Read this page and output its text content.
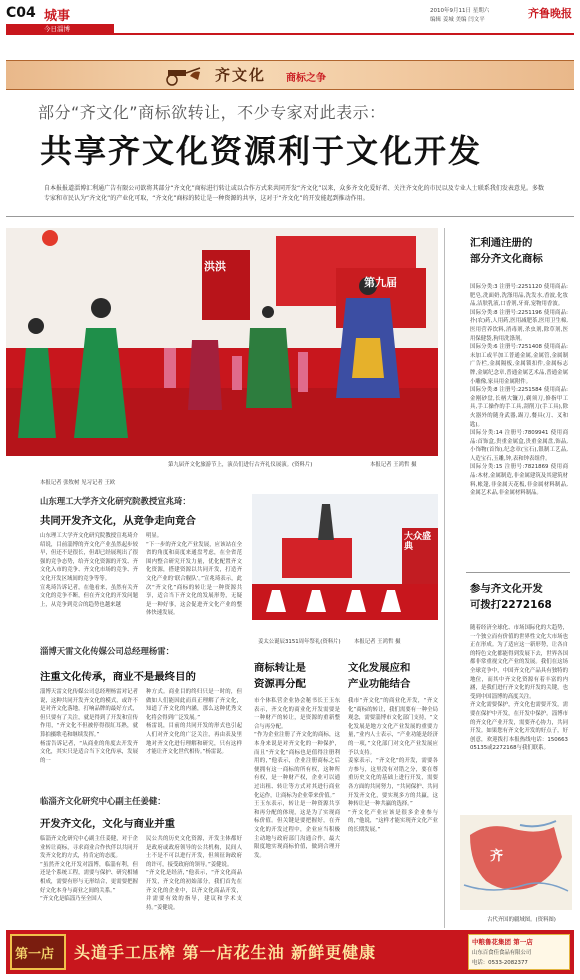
C04 城事
今日淄博
2010年9月11日 星期六
编辑 姜城 美编 闫文平	齐鲁晚报
齐文化 商标之争
部分“齐文化”商标欲转让，不少专家对此表示：
共享齐文化资源利于文化开发
自本报报道淄博汇利通广告有限公司欲将其部分“齐文化”商标进行转让或以合作方式来共同开发“齐文化”以来，众多齐文化爱好者、关注齐文化的市民以及专业人士联系我们发表意见。多数专家和市民认为“齐文化”的产业化可取，“齐文化”商标的转让是一种资源的共享，这对于“齐文化”的开发能起到推动作用。
洪洪
第九届
第九届齐文化旅游节上，演员们进行古齐礼仪展演。(资料片)	本报记者 王鸿哲 摄
本报记者 张牧树 见习记者 王欧
山东理工大学齐文化研究院教授宣兆琦：
共同开发齐文化，从竞争走向竞合
山东理工大学齐文化研究院教授宣兆琦介绍说，目前淄博的齐文化产业虽然起步较早，但还不是很长，但却已经展现出了很强的竞争态势，给齐文化资源的开发、齐文化入市的竞争、齐文化市场的竞争、齐文化开发区域间的竞争等等。
宣兆琦告诉记者，在他看来，虽然有关齐文化的竞争不断，但在齐文化的开发问题上，从竞争到竞合的趋势也越来越
明显。
“下一步的齐文化产业发展，应该站在全省的角度和高度来通盘考虑，在全省范围内整合研究开发力量，优化配置齐文化资源，搭建资源以共同开发，打造齐文化产业的‘联合舰队’。”宣兆琦表示，此次“齐文化”商标的转让是一种资源共享，适合当下齐文化的发展形势，无疑是一种好事，这会促进齐文化产业的整体快速发展。
大众盛典
姜太公诞辰3151周年祭礼(资料片) 本报记者 王鸿哲 摄
淄博天雷文化传媒公司总经理杨雷：
注重文化传承，商业不是最终目的
淄博天雷文化传媒公司总经理杨雷对记者说，这种共同开发齐文化的模式，或许不是对齐文化落地，打响品牌的最好方式，但只要有了关注，就是得到了开发和宣传作用，“齐文化不但被停得很紅耳熟，就算拍摄歌毛和继续发挥。”
杨雷告诉记者，“从商业的角度去开发齐文化，其实只是适合当下文化传承，发展的一
种方式。商业目的终归只是一时的，但做如人们能因此而真正理解了齐文化，知道了齐文化的内涵，那么这种优秀文化将会得到广泛发展。”
杨雷说，目前的共同开发的形式也引起人们对齐文化的广泛关注，再由表及里地对齐文化进行理解和研究，只有这样才能让齐文化世代相传。”杨雷说。
临淄齐文化研究中心副主任姜健：
开发齐文化，文化与商业并重
临淄齐文化研究中心副主任姜健，对于企业转让商标，寻求商业合作伙伴以共同开发齐文化的方式，持肯定的态度。
“虽然齐文化开发对淄博，临淄有利，但还是个系统工程，需要与保护、研究相辅相成，需要有形与无形结合，更需要把握好文化本身与商业之间的关系。”
“齐文化是临淄乃至全国人
民公共的历史文化资源，开发主体都好是政府或政府领导的公共机构，民间人士不是不可以进行开发，但须征询政府的许可，接受政府的领导。”姜健说。
“齐文化是经济，”他表示，“齐文化商品开发，齐文化的初始部分，我们首先在齐文化的企业中，以齐文化商品开发，并需要有效的指导，建议和学术支持。”姜健说。
商标转让是
资源再分配
市个体私营企业协会秘书长王玉东表示，齐文化的商业化开发需要是一种财产的转让，是资源的重新整合与再分配。
“作为企业注册了齐文化的商标，这本身来说是对齐文化的一种保护，而且“齐文化”商标也是值得注册利用的，”他表示，企业注册商标之后便拥有这一商标的所有权，这种所有权，是一种财产权，企业可以通过出租、转让等方式对其进行商业化运作，让商标为企业带来价值。”
王玉东表示，转让是一种资源共享和再分配的体现，这是为了实现商标价值。但关键是要把握好，在齐文化的开发过程中，企业应当积极主动地与政府部门沟通合作，最大限度地实现商标价值，做到合理开发。
文化发展应和
产业功能结合
我市“齐文化”的商业化开发，“齐文化”商标的转让，我们需要有一种全局观念，需要淄博市文化部门支持，“文化发展是地方文化产业发展的重要力量，”业内人士表示，“产业功能是经济的一项，”文化部门对文化产业发展应予以支持。
姜家表示，“齐文化”的开发，需要各方参与，这里没有对错之分，要在尊重历史文化的基础上进行开发，需要各方面的共同努力，“共同保护、共同开发齐文化，要实现多方的共赢，这种转让是一种共赢的选择。”
“齐文化产业应该是很多企业参与的，”他说，“这样才能实现齐文化产业的长期发展。”
汇利通注册的
部分齐文化商标
国际分类:3 注册号:2251120 使用商品:肥皂,洗面奶,洗涤用品,洗发水,香波,化妆品,洁肤乳液,口香剂,牙膏,宠物用香波。
国际分类:8 注册号:2251196 使用商品:扑(农)药,人用药,医用减肥茶,医用卫生棉,医用营养饮料,消毒剂,杀虫剂,除草剂,医用保健袋,狗用洗涤剂。
国际分类:6 注册号:7251408 使用商品:未加工或半加工普通金属,金属管,金属制广告栏,金属隔板,金属锁扣件,金属标志牌,金属纪念章,普通金属艺术品,普通金属小雕像,家具用金属附件。
国际分类:8 注册号:2251584 使用商品:金刚砂盘,长柄大镰刀,剃须刀,修指甲工具,手工操作的手工具,刮削刀(手工具),除火器外的随身武器,踢刀,餐具(刀、叉和匙)。
国际分类:14 注册号:7809941 使用商品:首饰盒,贵重金属盒,贵重金属盘,饰品,小饰物(首饰),纪念章(宝石),银制工艺品,人造宝石,玉雕,钟,表和钟表组件。
国际分类:15 注册号:7821869 使用商品:木材,金属制造,非金属建筑及其建筑材料,帐篷,非金属天花板,非金属材料制品,金属艺术品,非金属材料制品。
参与齐文化开发
可拨打2272168
随着经济全球化、市场国际化的大趋势，一个独立而有价值的世界性文化大市场也正在形成。为了适应这一新形势，让各自的特色文化都能得到发展下去，世界各国都非常重视文化产业的发展。我们在这场全球竞争中，中国齐文化产品具有独特的地位，而其中齐文化资源有着丰富的内涵，是我们进行齐文化的开发的关键，也受到中国淄博的高度关注。
齐文化需要保护，齐文化也需要开发，需要在保护中开发，在开发中保护。淄博市的齐文化产业开发，需要齐心协力，共同开发。如果您有齐文化开发的好点子，好创意，欢迎拨打本报热线电话：15066305135或2272168与我们联系。
齐
古代齐国的疆域图。(资料图)
第一店 头道手工压榨 第一店花生油 新鲜更健康
中粮鲁花集团 第一店
山东百食佳食品有限公司
电话：0533-2082377
